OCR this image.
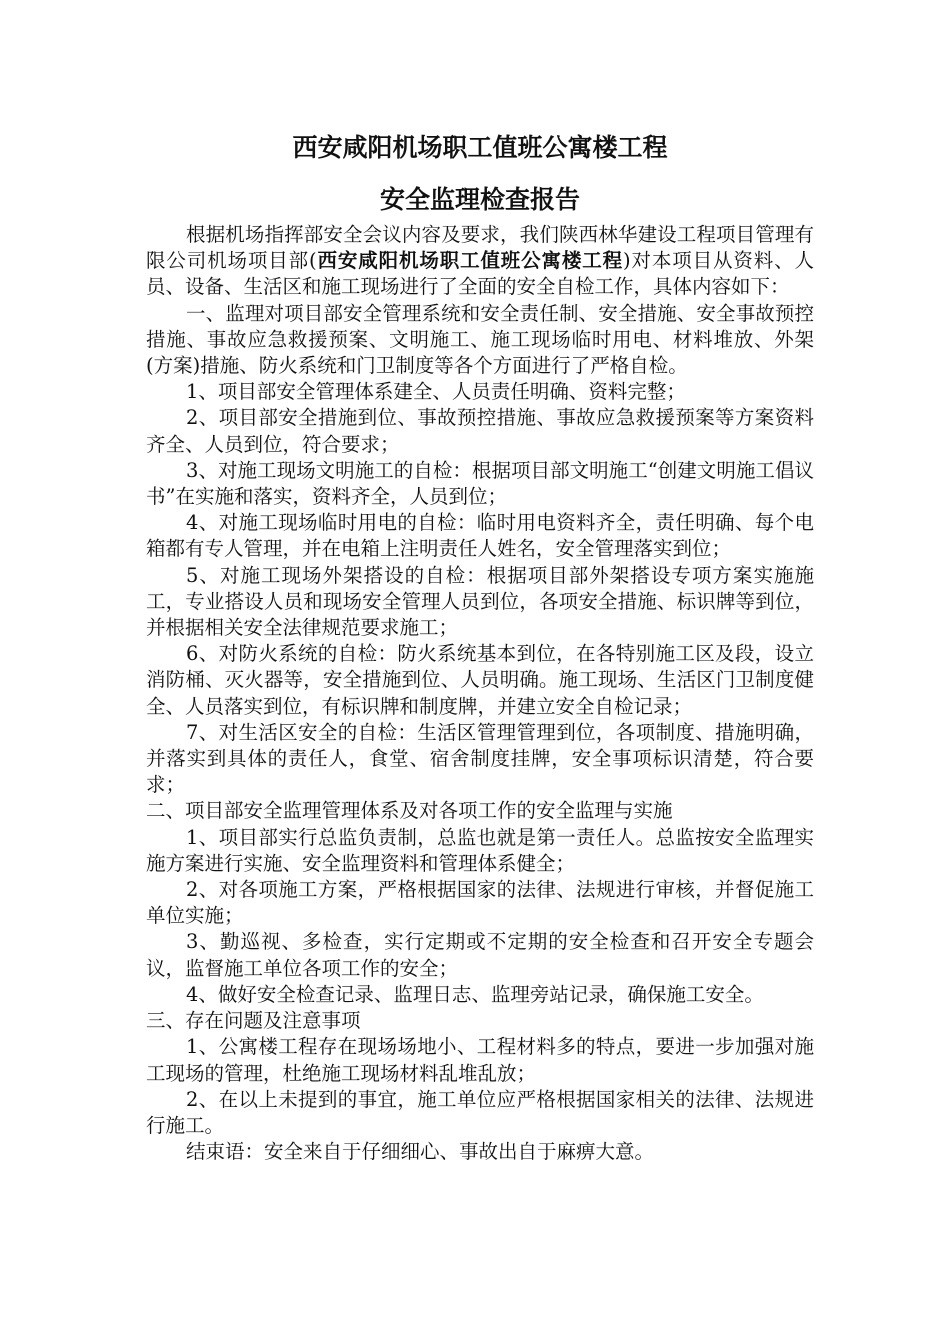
西安咸阳机场职工值班公寓楼工程
安全监理检查报告

根据机场指挥部安全会议内容及要求，我们陕西林华建设工程项目管理有限公司机场项目部(西安咸阳机场职工值班公寓楼工程)对本项目从资料、人员、设备、生活区和施工现场进行了全面的安全自检工作，具体内容如下：

一、监理对项目部安全管理系统和安全责任制、安全措施、安全事故预控措施、事故应急救援预案、文明施工、施工现场临时用电、材料堆放、外架(方案)措施、防火系统和门卫制度等各个方面进行了严格自检。

1、项目部安全管理体系建全、人员责任明确、资料完整；

2、项目部安全措施到位、事故预控措施、事故应急救援预案等方案资料齐全、人员到位，符合要求；

3、对施工现场文明施工的自检：根据项目部文明施工“创建文明施工倡议书”在实施和落实，资料齐全，人员到位；

4、对施工现场临时用电的自检：临时用电资料齐全，责任明确、每个电箱都有专人管理，并在电箱上注明责任人姓名，安全管理落实到位；

5、对施工现场外架搭设的自检：根据项目部外架搭设专项方案实施施工，专业搭设人员和现场安全管理人员到位，各项安全措施、标识牌等到位，并根据相关安全法律规范要求施工；

6、对防火系统的自检：防火系统基本到位，在各特别施工区及段，设立消防桶、灭火器等，安全措施到位、人员明确。施工现场、生活区门卫制度健全、人员落实到位，有标识牌和制度牌，并建立安全自检记录；

7、对生活区安全的自检：生活区管理管理到位，各项制度、措施明确，并落实到具体的责任人，食堂、宿舍制度挂牌，安全事项标识清楚，符合要求；

二、项目部安全监理管理体系及对各项工作的安全监理与实施

1、项目部实行总监负责制，总监也就是第一责任人。总监按安全监理实施方案进行实施、安全监理资料和管理体系健全；

2、对各项施工方案，严格根据国家的法律、法规进行审核，并督促施工单位实施；

3、勤巡视、多检查，实行定期或不定期的安全检查和召开安全专题会议，监督施工单位各项工作的安全；

4、做好安全检查记录、监理日志、监理旁站记录，确保施工安全。

三、存在问题及注意事项

1、公寓楼工程存在现场场地小、工程材料多的特点，要进一步加强对施工现场的管理，杜绝施工现场材料乱堆乱放；

2、在以上未提到的事宜，施工单位应严格根据国家相关的法律、法规进行施工。

结束语：安全来自于仔细细心、事故出自于麻痹大意。
